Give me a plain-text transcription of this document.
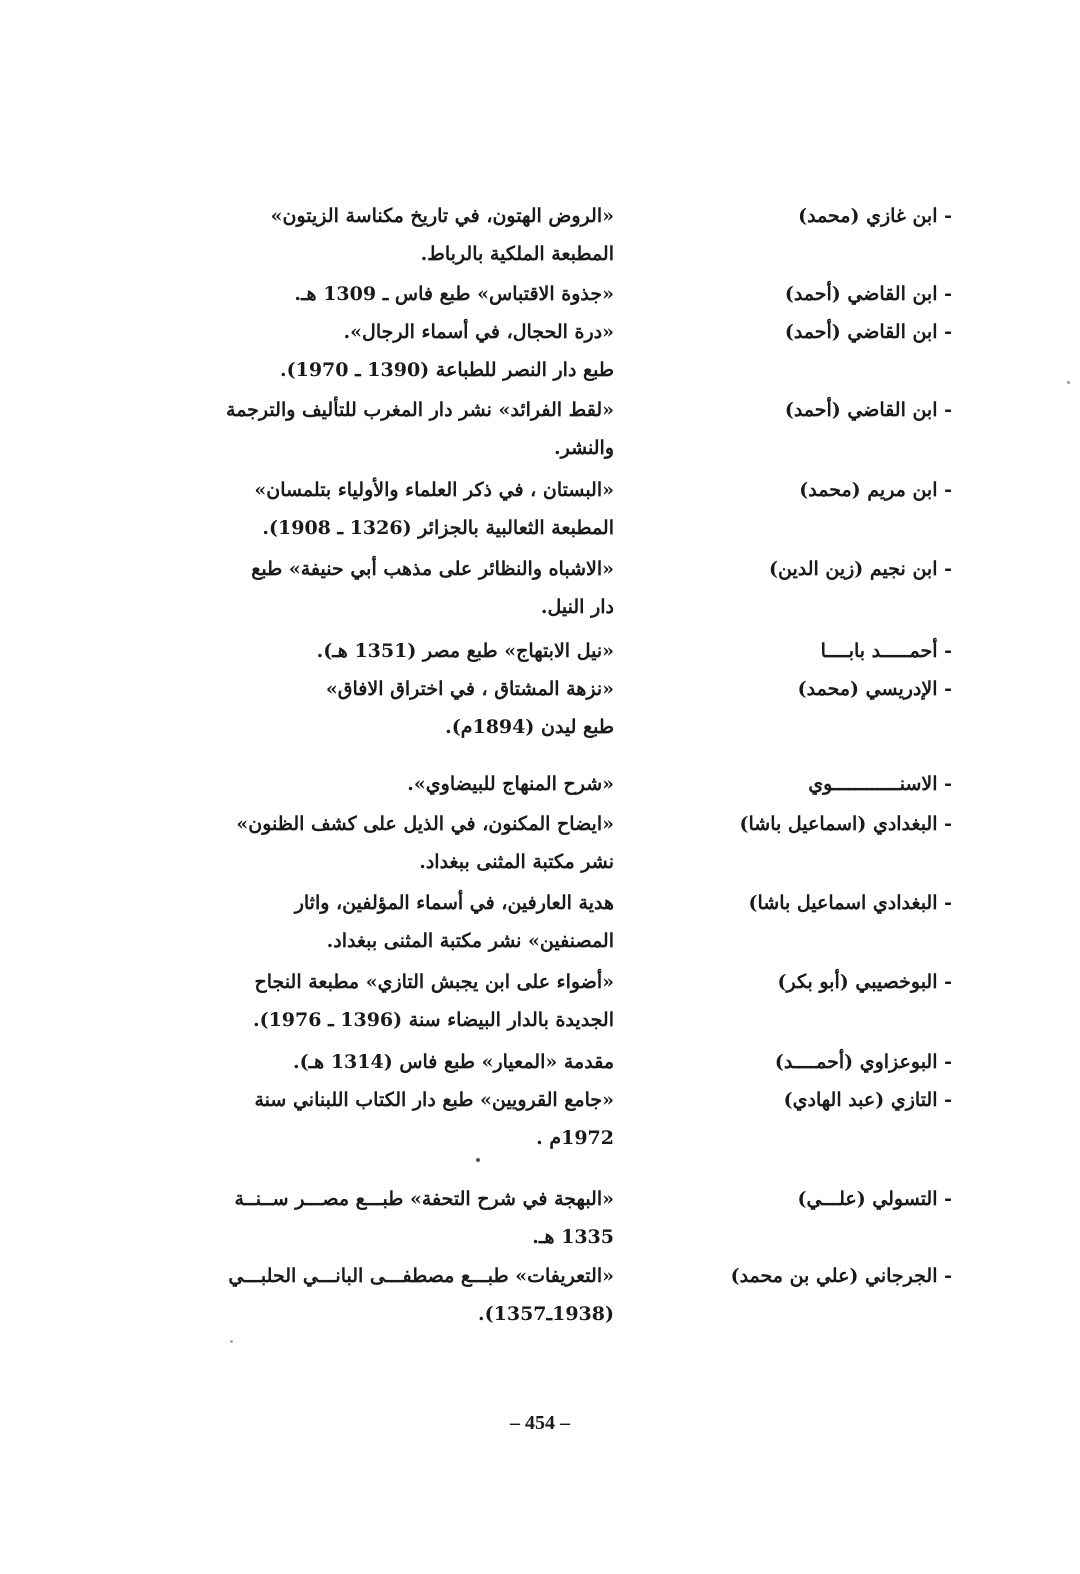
- ابن غازي (محمد)
«الروض الهتون، في تاريخ مكناسة الزيتون»
المطبعة الملكية بالرباط.
- ابن القاضي (أحمد)
«جذوة الاقتباس» طبع فاس ـ 1309 هـ.
- ابن القاضي (أحمد)
«درة الحجال، في أسماء الرجال».
طبع دار النصر للطباعة (1390 ـ 1970).
- ابن القاضي (أحمد)
«لقط الفرائد» نشر دار المغرب للتأليف والترجمة
والنشر.
- ابن مريم (محمد)
«البستان ، في ذكر العلماء والأولياء بتلمسان»
المطبعة الثعالبية بالجزائر (1326 ـ 1908).
- ابن نجيم (زين الدين)
«الاشباه والنظائر على مذهب أبي حنيفة» طبع
دار النيل.
- أحمـــــد بابــــا
«نيل الابتهاج» طبع مصر (1351 هـ).
- الإدريسي (محمد)
«نزهة المشتاق ، في اختراق الافاق»
طبع ليدن (1894م).
- الاسنــــــــــــوي
«شرح المنهاج للبيضاوي».
- البغدادي (اسماعيل باشا)
«ايضاح المكنون، في الذيل على كشف الظنون»
نشر مكتبة المثنى ببغداد.
- البغدادي اسماعيل باشا)
هدية العارفين، في أسماء المؤلفين، واثار
المصنفين» نشر مكتبة المثنى ببغداد.
- البوخصيبي (أبو بكر)
«أضواء على ابن يجبش التازي» مطبعة النجاح
الجديدة بالدار البيضاء سنة (1396 ـ 1976).
- البوعزاوي (أحمــــد)
مقدمة «المعيار» طبع فاس (1314 هـ).
- التازي (عبد الهادي)
«جامع القرويين» طبع دار الكتاب اللبناني سنة
1972م .
- التسولي (علـــي)
«البهجة في شرح التحفة» طبـــع مصـــر ســنــة
1335 هـ.
- الجرجاني (علي بن محمد)
«التعريفات» طبـــع مصطفـــى البانـــي الحلبـــي
(1938ـ1357).
– 454 –
